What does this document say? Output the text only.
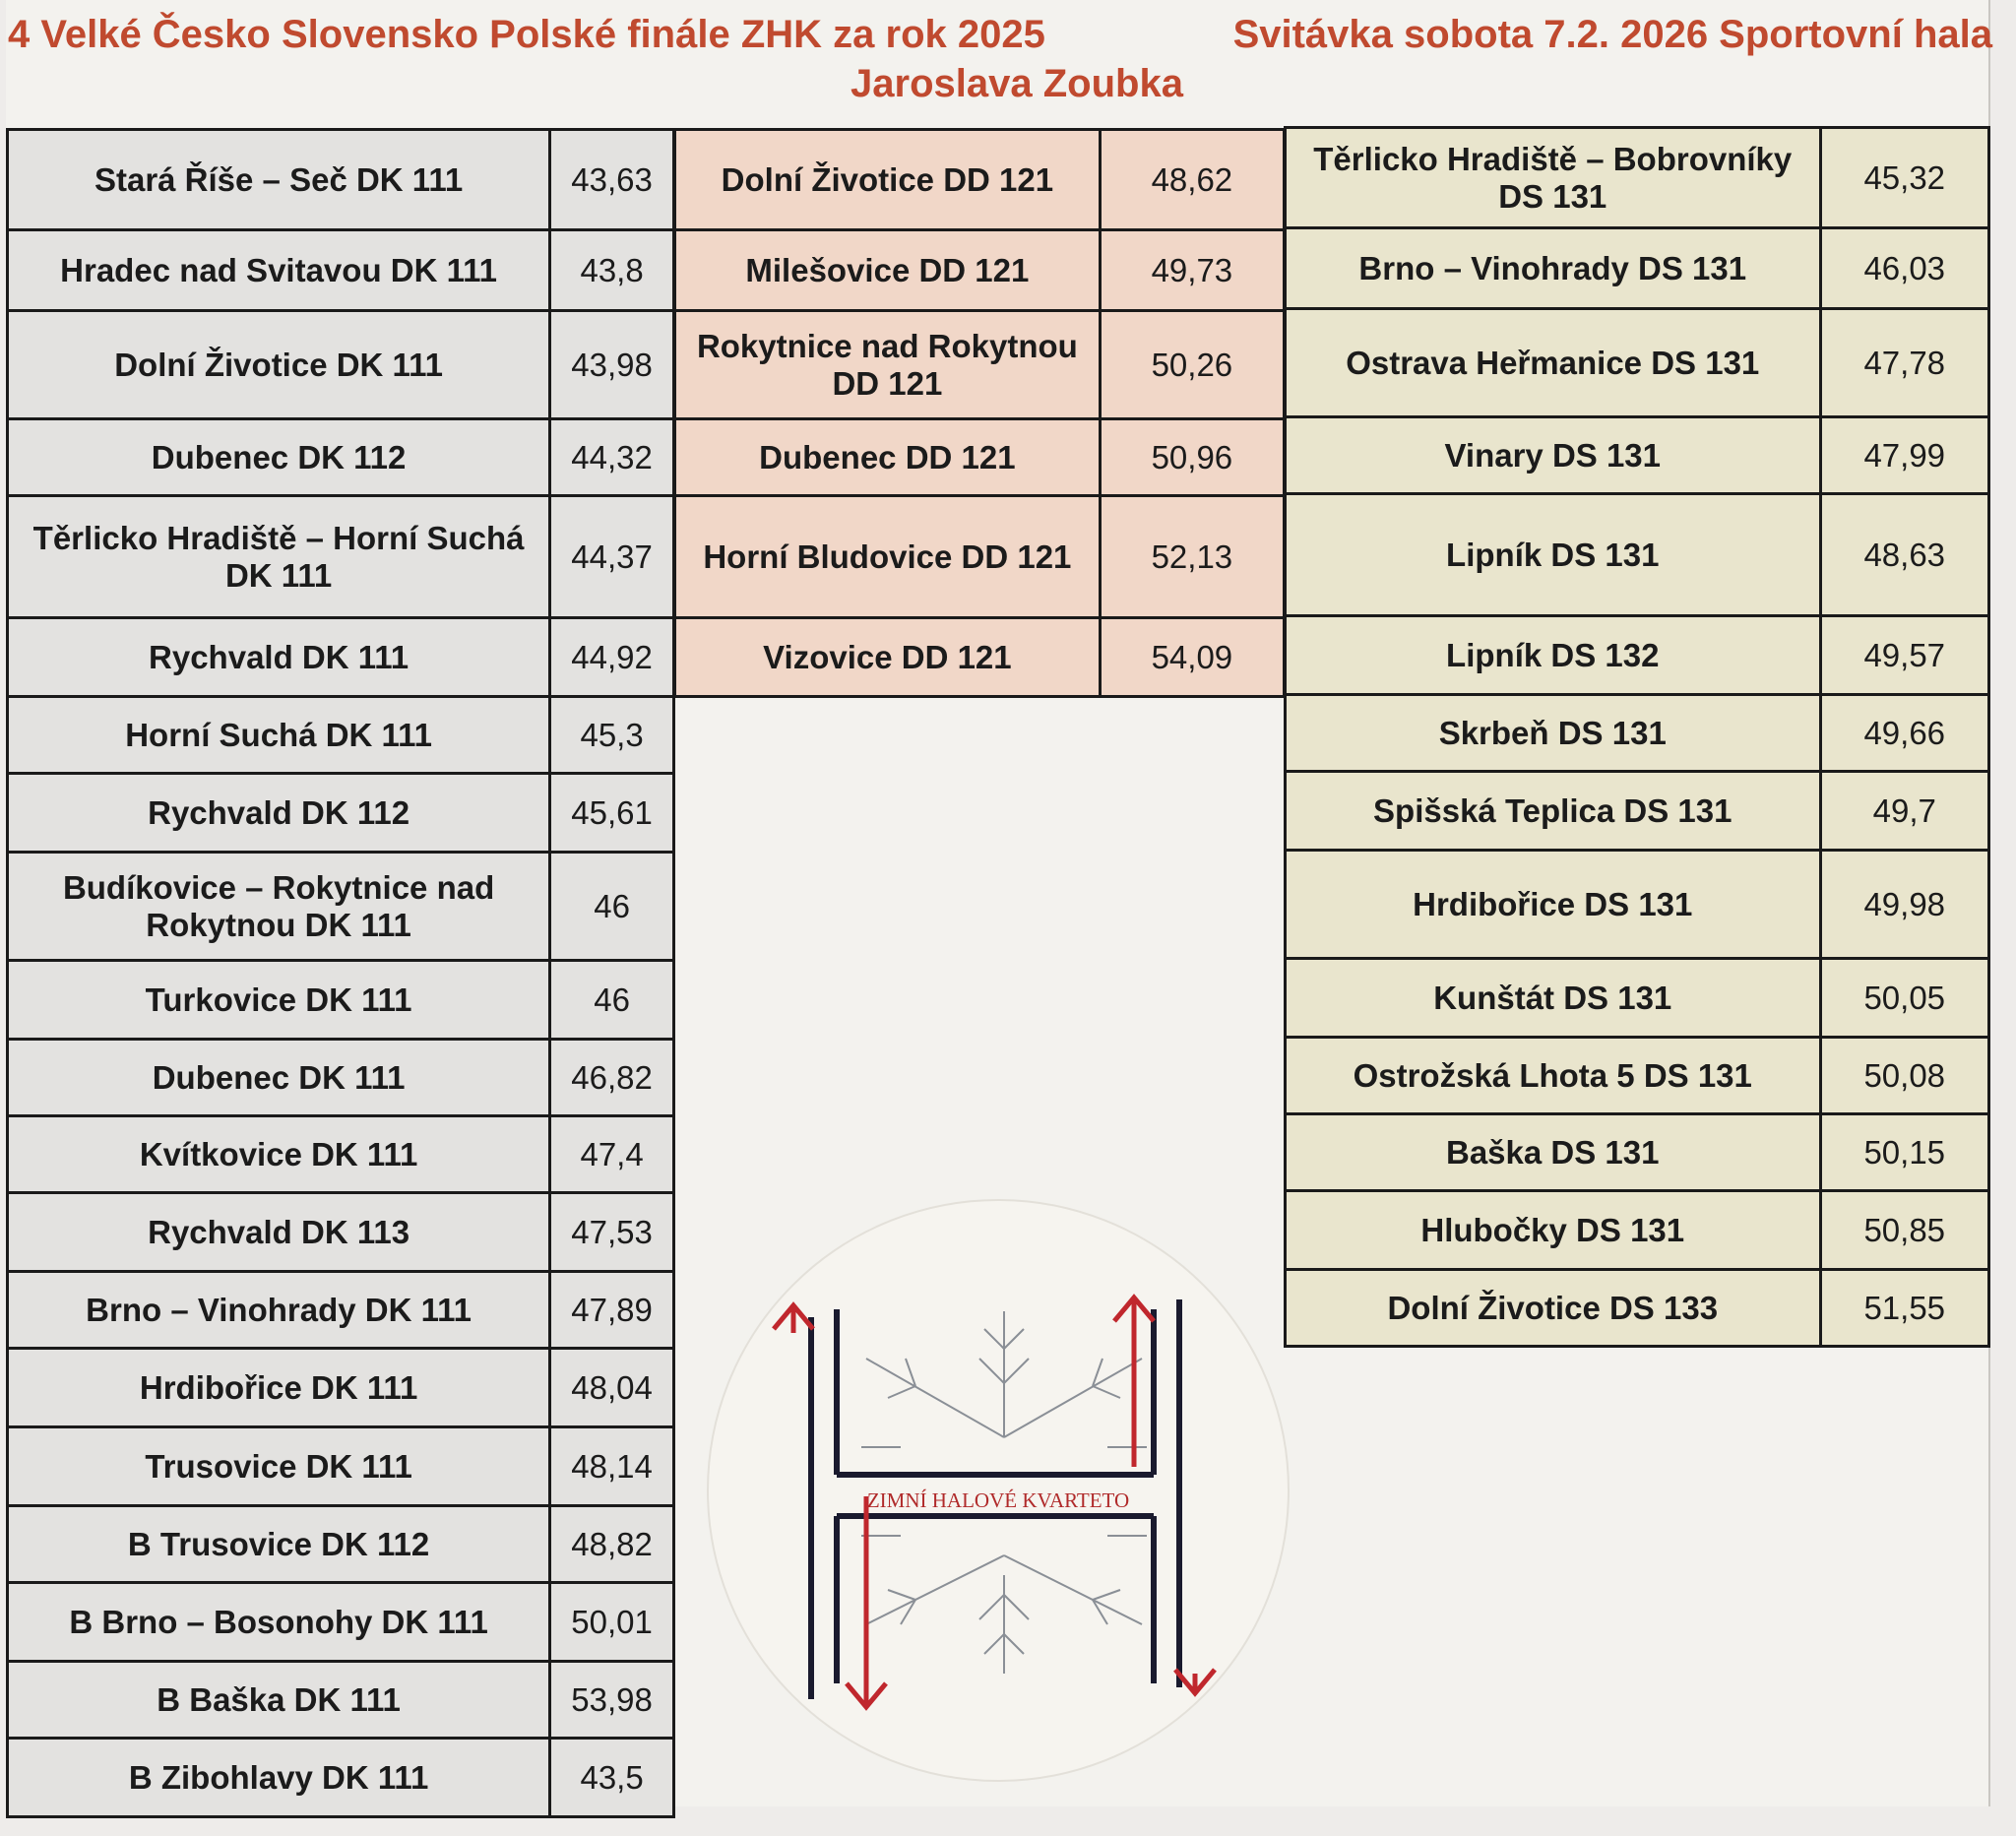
4 Velké Česko Slovensko Polské finále ZHK za rok 2025	Svitávka sobota 7.2. 2026 Sportovní hala
Jaroslava Zoubka
Stará Říše – Seč DK 111	43,63
Hradec nad Svitavou DK 111	43,8
Dolní Životice DK 111	43,98
Dubenec DK 112	44,32
Těrlicko Hradiště – Horní Suchá DK 111	44,37
Rychvald DK 111	44,92
Horní Suchá DK 111	45,3
Rychvald DK 112	45,61
Budíkovice – Rokytnice nad Rokytnou DK 111	46
Turkovice DK 111	46
Dubenec DK 111	46,82
Kvítkovice DK 111	47,4
Rychvald DK 113	47,53
Brno – Vinohrady DK 111	47,89
Hrdibořice DK 111	48,04
Trusovice DK 111	48,14
B Trusovice DK 112	48,82
B Brno – Bosonohy DK 111	50,01
B Baška DK 111	53,98
B Zibohlavy DK 111	43,5
Dolní Životice DD 121	48,62
Milešovice DD 121	49,73
Rokytnice nad Rokytnou DD 121	50,26
Dubenec DD 121	50,96
Horní Bludovice DD 121	52,13
Vizovice DD 121	54,09
Těrlicko Hradiště – Bobrovníky DS 131	45,32
Brno – Vinohrady DS 131	46,03
Ostrava Heřmanice DS 131	47,78
Vinary DS 131	47,99
Lipník DS 131	48,63
Lipník DS 132	49,57
Skrbeň DS 131	49,66
Spišská Teplica DS 131	49,7
Hrdibořice DS 131	49,98
Kunštát DS 131	50,05
Ostrožská Lhota 5 DS 131	50,08
Baška DS 131	50,15
Hlubočky DS 131	50,85
Dolní Životice DS 133	51,55
ZIMNÍ HALOVÉ KVARTETO
